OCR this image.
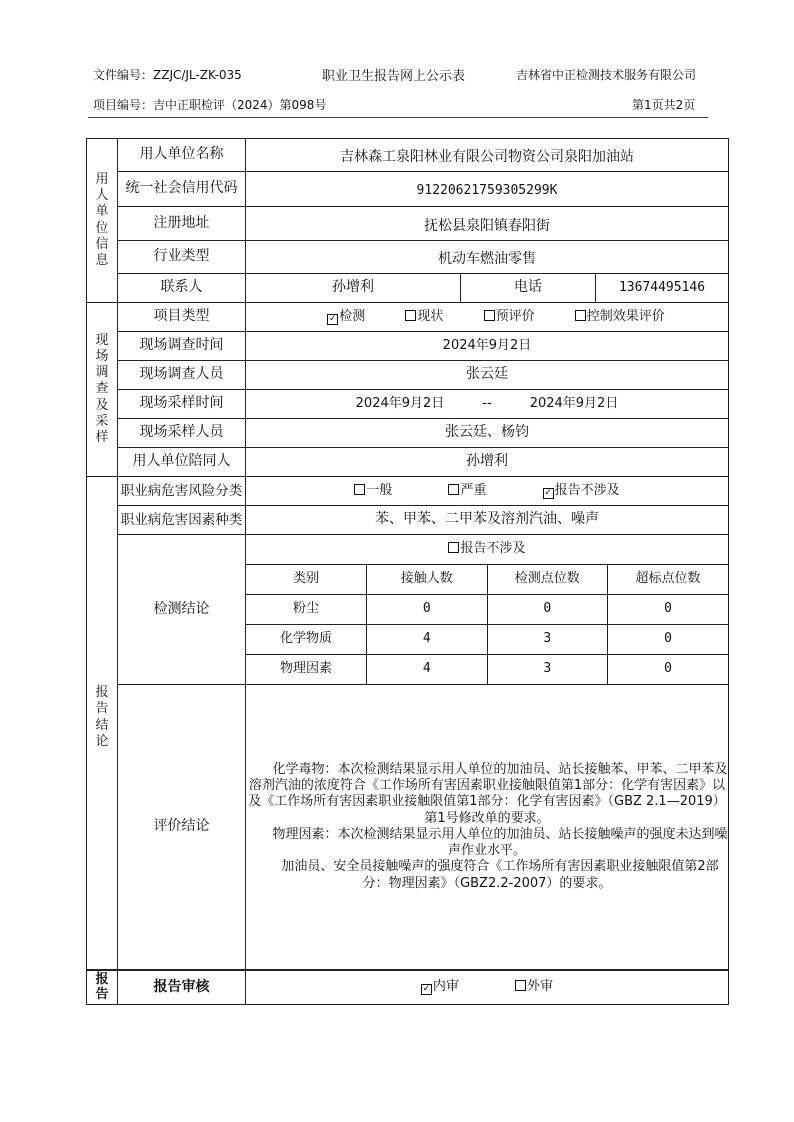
文件编号：ZZJC/JL-ZK-035	职业卫生报告网上公示表	吉林省中正检测技术服务有限公司
项目编号：吉中正职检评（2024）第098号	第1页共2页
用
人
单
位
信
息
	用人单位名称	吉林森工泉阳林业有限公司物资公司泉阳加油站
统一社会信用代码	91220621759305299K
注册地址	抚松县泉阳镇春阳街
行业类型	机动车燃油零售
联系人	孙增利	电话	13674495146

现
场
调
查
及
采
样
	项目类型	✓ 检测	现状	预评价	控制效果评价
现场调查时间	2024年9月2日
现场调查人员	张云廷
现场采样时间	2024年9月2日	--	2024年9月2日
现场采样人员	张云廷、杨钧
用人单位陪同人	孙增利

报
告
结
论
	职业病危害风险分类	一般	严重	✓ 报告不涉及
职业病危害因素种类	苯、甲苯、二甲苯及溶剂汽油、噪声
检测结论	
报告不涉及
类别	接触人数	检测点位数	超标点位数
粉尘	0	0	0
化学物质	4	3	0
物理因素	4	3	0

评价结论	

化学毒物：本次检测结果显示用人单位的加油员、站长接触苯、甲苯、二甲苯及溶剂汽油的浓度符合《工作场所有害因素职业接触限值第1部分：化学有害因素》以及《工作场所有害因素职业接触限值第1部分：化学有害因素》（GBZ 2.1—2019）第1号修改单的要求。

物理因素：本次检测结果显示用人单位的加油员、站长接触噪声的强度未达到噪声作业水平。

加油员、安全员接触噪声的强度符合《工作场所有害因素职业接触限值第2部分：物理因素》（GBZ2.2-2007）的要求。

报
告
	报告审核	✓ 内审	外审
